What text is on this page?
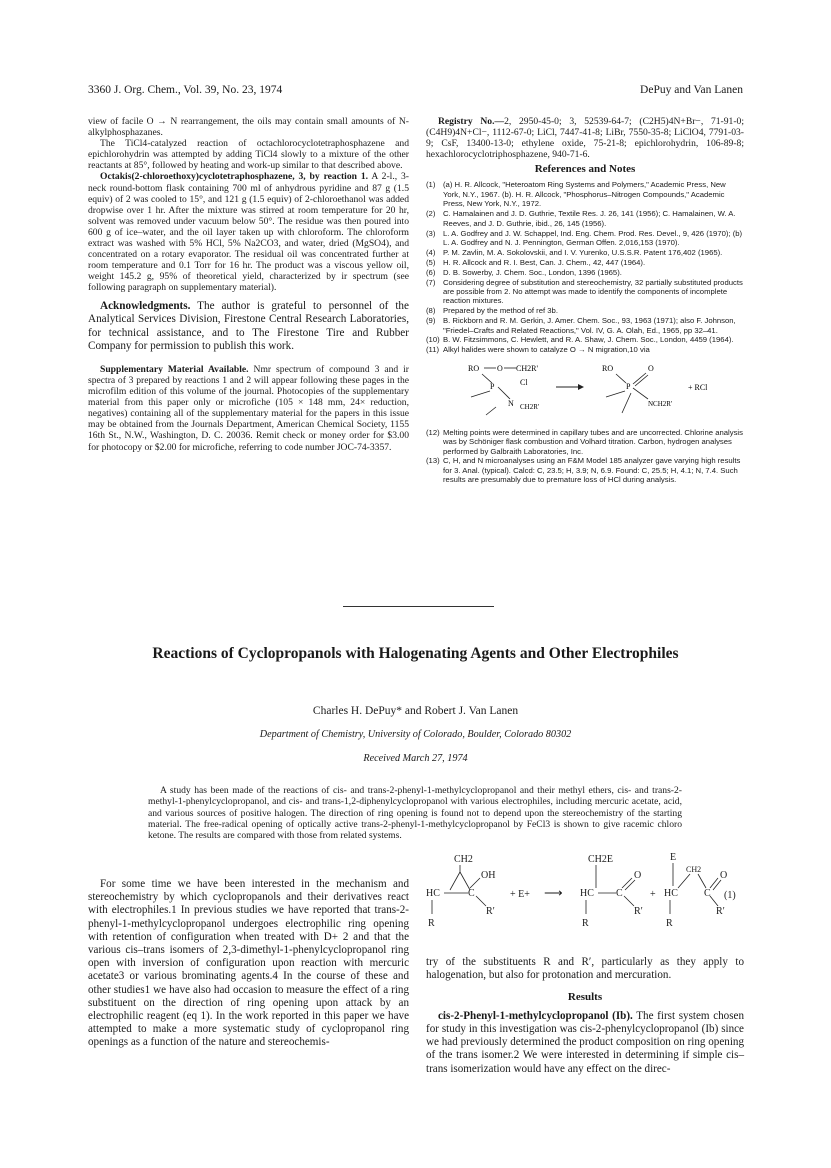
3360 J. Org. Chem., Vol. 39, No. 23, 1974	DePuy and Van Lanen

view of facile O → N rearrangement, the oils may contain small amounts of N-alkylphosphazanes.

The TiCl4-catalyzed reaction of octachlorocyclotetraphosphazene and epichlorohydrin was attempted by adding TiCl4 slowly to a mixture of the other reactants at 85°, followed by heating and work-up similar to that described above.

Octakis(2-chloroethoxy)cyclotetraphosphazene, 3, by reaction 1. A 2-l., 3-neck round-bottom flask containing 700 ml of anhydrous pyridine and 87 g (1.5 equiv) of 2 was cooled to 15°, and 121 g (1.5 equiv) of 2-chloroethanol was added dropwise over 1 hr. After the mixture was stirred at room temperature for 20 hr, solvent was removed under vacuum below 50°. The residue was then poured into 600 g of ice–water, and the oil layer taken up with chloroform. The chloroform extract was washed with 5% HCl, 5% Na2CO3, and water, dried (MgSO4), and concentrated on a rotary evaporator. The residual oil was concentrated further at room temperature and 0.1 Torr for 16 hr. The product was a viscous yellow oil, weight 145.2 g, 95% of theoretical yield, characterized by ir spectrum (see following paragraph on supplementary material).

Acknowledgments. The author is grateful to personnel of the Analytical Services Division, Firestone Central Research Laboratories, for technical assistance, and to The Firestone Tire and Rubber Company for permission to publish this work.

Supplementary Material Available. Nmr spectrum of compound 3 and ir spectra of 3 prepared by reactions 1 and 2 will appear following these pages in the microfilm edition of this volume of the journal. Photocopies of the supplementary material from this paper only or microfiche (105 × 148 mm, 24× reduction, negatives) containing all of the supplementary material for the papers in this issue may be obtained from the Journals Department, American Chemical Society, 1155 16th St., N.W., Washington, D. C. 20036. Remit check or money order for $3.00 for photocopy or $2.00 for microfiche, referring to code number JOC-74-3357.

Registry No.—2, 2950-45-0; 3, 52539-64-7; (C2H5)4N+Br−, 71-91-0; (C4H9)4N+Cl−, 1112-67-0; LiCl, 7447-41-8; LiBr, 7550-35-8; LiClO4, 7791-03-9; CsF, 13400-13-0; ethylene oxide, 75-21-8; epichlorohydrin, 106-89-8; hexachlorocyclotriphosphazene, 940-71-6.

References and Notes
(1) (a) H. R. Allcock, "Heteroatom Ring Systems and Polymers," Academic Press, New York, N.Y., 1967. (b). H. R. Allcock, "Phosphorus–Nitrogen Compounds," Academic Press, New York, N.Y., 1972.
(2) C. Hamalainen and J. D. Guthrie, Textile Res. J. 26, 141 (1956); C. Hamalainen, W. A. Reeves, and J. D. Guthrie, ibid., 26, 145 (1956).
(3) L. A. Godfrey and J. W. Schappel, Ind. Eng. Chem. Prod. Res. Devel., 9, 426 (1970); (b) L. A. Godfrey and N. J. Pennington, German Offen. 2,016,153 (1970).
(4) P. M. Zavlin, M. A. Sokolovskii, and I. V. Yurenko, U.S.S.R. Patent 176,402 (1965).
(5) H. R. Allcock and R. I. Best, Can. J. Chem., 42, 447 (1964).
(6) D. B. Sowerby, J. Chem. Soc., London, 1396 (1965).
(7) Considering degree of substitution and stereochemistry, 32 partially substituted products are possible from 2. No attempt was made to identify the components of incomplete reaction mixtures.
(8) Prepared by the method of ref 3b.
(9) B. Rickborn and R. M. Gerkin, J. Amer. Chem. Soc., 93, 1963 (1971); also F. Johnson, "Friedel–Crafts and Related Reactions," Vol. IV, G. A. Olah, Ed., 1965, pp 32–41.
(10) B. W. Fitzsimmons, C. Hewlett, and R. A. Shaw, J. Chem. Soc., London, 4459 (1964).
(11) Alkyl halides were shown to catalyze O → N migration,10 via
RO O CH2R'
P
N
Cl
CH2R'
RO
P
O
NCH2R'
+ RCl
(12) Melting points were determined in capillary tubes and are uncorrected. Chlorine analysis was by Schöniger flask combustion and Volhard titration. Carbon, hydrogen analyses performed by Galbraith Laboratories, Inc.
(13) C, H, and N microanalyses using an F&M Model 185 analyzer gave varying high results for 3. Anal. (typical). Calcd: C, 23.5; H, 3.9; N, 6.9. Found: C, 25.5; H, 4.1; N, 7.4. Such results are presumably due to premature loss of HCl during analysis.
Reactions of Cyclopropanols with Halogenating Agents and Other Electrophiles
Charles H. DePuy* and Robert J. Van Lanen
Department of Chemistry, University of Colorado, Boulder, Colorado 80302
Received March 27, 1974
A study has been made of the reactions of cis- and trans-2-phenyl-1-methylcyclopropanol and their methyl ethers, cis- and trans-2-methyl-1-phenylcyclopropanol, and cis- and trans-1,2-diphenylcyclopropanol with various electrophiles, including mercuric acetate, acid, and various sources of positive halogen. The direction of ring opening is found not to depend upon the stereochemistry of the starting material. The free-radical opening of optically active trans-2-phenyl-1-methylcyclopropanol by FeCl3 is shown to give racemic chloro ketone. The results are compared with those from related systems.

For some time we have been interested in the mechanism and stereochemistry by which cyclopropanols and their derivatives react with electrophiles.1 In previous studies we have reported that trans-2-phenyl-1-methylcyclopropanol undergoes electrophilic ring opening with retention of configuration when treated with D+ 2 and that the various cis–trans isomers of 2,3-dimethyl-1-phenylcyclopropanol ring open with inversion of configuration upon reaction with mercuric acetate3 or various brominating agents.4 In the course of these and other studies1 we have also had occasion to measure the effect of a ring substituent on the direction of ring opening upon attack by an electrophilic reagent (eq 1). In the work reported in this paper we have attempted to make a more systematic study of cyclopropanol ring openings as a function of the nature and stereochemis-

CH2
OH
HC	C
R′
R
+ E+ ⟶
CH2E
HC C
O
R′
R
+
E
HC
CH2
C
O
R′
R
(1)

try of the substituents R and R′, particularly as they apply to halogenation, but also for protonation and mercuration.

Results

cis-2-Phenyl-1-methylcyclopropanol (Ib). The first system chosen for study in this investigation was cis-2-phenylcyclopropanol (Ib) since we had previously determined the product composition on ring opening of the trans isomer.2 We were interested in determining if simple cis–trans isomerization would have any effect on the direc-
